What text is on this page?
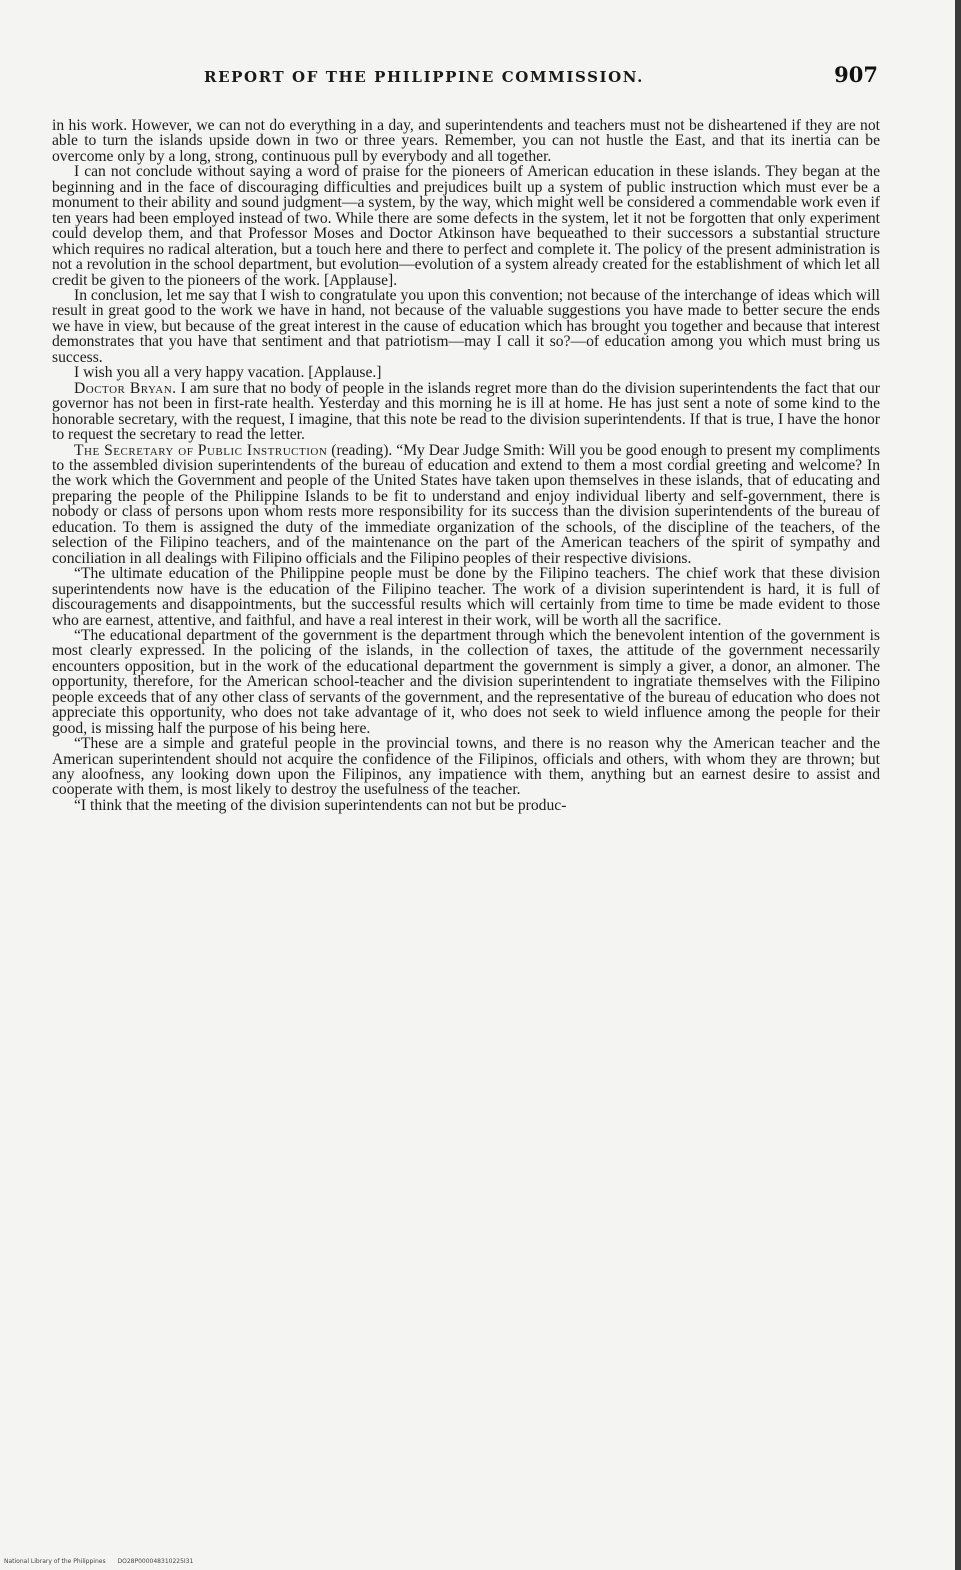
REPORT OF THE PHILIPPINE COMMISSION.	907

in his work. However, we can not do everything in a day, and superintendents and teachers must not be disheartened if they are not able to turn the islands upside down in two or three years. Remember, you can not hustle the East, and that its inertia can be overcome only by a long, strong, continuous pull by everybody and all together.

I can not conclude without saying a word of praise for the pioneers of American education in these islands. They began at the beginning and in the face of discouraging difficulties and prejudices built up a system of public instruction which must ever be a monument to their ability and sound judgment—a system, by the way, which might well be considered a commendable work even if ten years had been employed instead of two. While there are some defects in the system, let it not be forgotten that only experiment could develop them, and that Professor Moses and Doctor Atkinson have bequeathed to their successors a substantial structure which requires no radical alteration, but a touch here and there to perfect and complete it. The policy of the present administration is not a revolution in the school department, but evolution—evolution of a system already created for the establishment of which let all credit be given to the pioneers of the work. [Applause].

In conclusion, let me say that I wish to congratulate you upon this convention; not because of the interchange of ideas which will result in great good to the work we have in hand, not because of the valuable suggestions you have made to better secure the ends we have in view, but because of the great interest in the cause of education which has brought you together and because that interest demonstrates that you have that sentiment and that patriotism—may I call it so?—of education among you which must bring us success.

I wish you all a very happy vacation. [Applause.]

Doctor Bryan. I am sure that no body of people in the islands regret more than do the division superintendents the fact that our governor has not been in first-rate health. Yesterday and this morning he is ill at home. He has just sent a note of some kind to the honorable secretary, with the request, I imagine, that this note be read to the division superintendents. If that is true, I have the honor to request the secretary to read the letter.

The Secretary of Public Instruction (reading). “My Dear Judge Smith: Will you be good enough to present my compliments to the assembled division superintendents of the bureau of education and extend to them a most cordial greeting and welcome? In the work which the Government and people of the United States have taken upon themselves in these islands, that of educating and preparing the people of the Philippine Islands to be fit to understand and enjoy individual liberty and self-government, there is nobody or class of persons upon whom rests more responsibility for its success than the division superintendents of the bureau of education. To them is assigned the duty of the immediate organization of the schools, of the discipline of the teachers, of the selection of the Filipino teachers, and of the maintenance on the part of the American teachers of the spirit of sympathy and conciliation in all dealings with Filipino officials and the Filipino peoples of their respective divisions.

“The ultimate education of the Philippine people must be done by the Filipino teachers. The chief work that these division superintendents now have is the education of the Filipino teacher. The work of a division superintendent is hard, it is full of discouragements and disappointments, but the successful results which will certainly from time to time be made evident to those who are earnest, attentive, and faithful, and have a real interest in their work, will be worth all the sacrifice.

“The educational department of the government is the department through which the benevolent intention of the government is most clearly expressed. In the policing of the islands, in the collection of taxes, the attitude of the government necessarily encounters opposition, but in the work of the educational department the government is simply a giver, a donor, an almoner. The opportunity, therefore, for the American school-teacher and the division superintendent to ingratiate themselves with the Filipino people exceeds that of any other class of servants of the government, and the representative of the bureau of education who does not appreciate this opportunity, who does not take advantage of it, who does not seek to wield influence among the people for their good, is missing half the purpose of his being here.

“These are a simple and grateful people in the provincial towns, and there is no reason why the American teacher and the American superintendent should not acquire the confidence of the Filipinos, officials and others, with whom they are thrown; but any aloofness, any looking down upon the Filipinos, any impatience with them, anything but an earnest desire to assist and cooperate with them, is most likely to destroy the usefulness of the teacher.

“I think that the meeting of the division superintendents can not but be produc-

National Library of the Philippines DO28P000048310225I31
